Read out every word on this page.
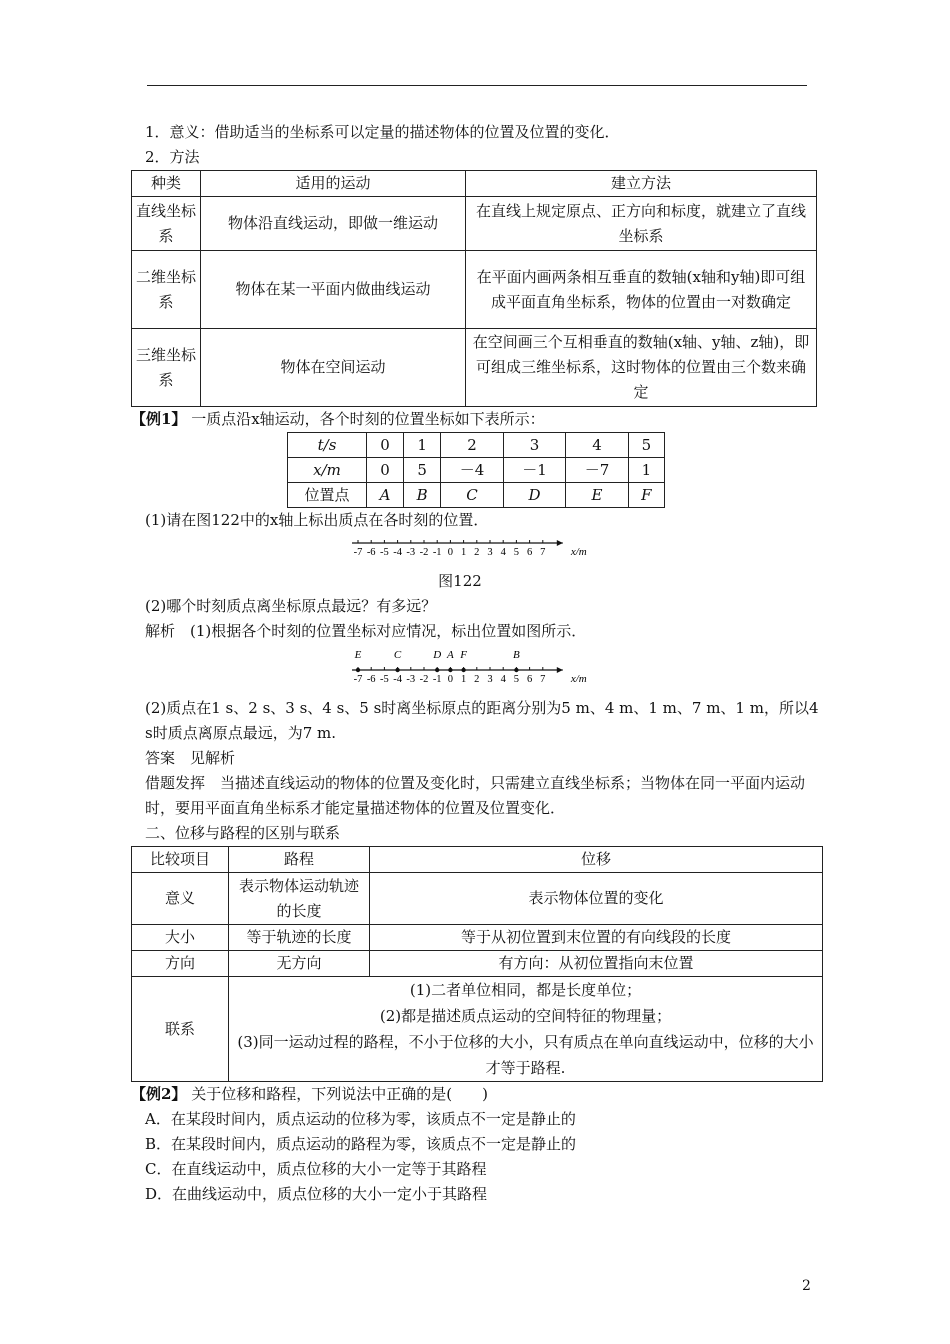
1．意义：借助适当的坐标系可以定量的描述物体的位置及位置的变化．

2．方法

种类	适用的运动	建立方法
直线坐标系	物体沿直线运动，即做一维运动	在直线上规定原点、正方向和标度，就建立了直线坐标系
二维坐标系	物体在某一平面内做曲线运动	在平面内画两条相互垂直的数轴(x轴和y轴)即可组成平面直角坐标系，物体的位置由一对数确定
三维坐标系	物体在空间运动	在空间画三个互相垂直的数轴(x轴、y轴、z轴)，即可组成三维坐标系，这时物体的位置由三个数来确定

【例1】 一质点沿x轴运动，各个时刻的位置坐标如下表所示：

t/s	0	1	2	3	4	5
x/m	0	5	－4	－1	－7	1
位置点	A	B	C	D	E	F

(1)请在图122中的x轴上标出质点在各时刻的位置．

-7 -6 -5 -4 -3 -2 -1 0 1 2 3 4 5 6 7 x/m

图122

(2)哪个时刻质点离坐标原点最远？有多远？

解析　(1)根据各个时刻的位置坐标对应情况，标出位置如图所示．

-7 -6 -5 -4 -3 -2 -1 0 1 2 3 4 5 6 7 x/m
E	C	D A F	B

(2)质点在1 s、2 s、3 s、4 s、5 s时离坐标原点的距离分别为5 m、4 m、1 m、7 m、1 m，所以4 s时质点离原点最远，为7 m.

答案　见解析

借题发挥　当描述直线运动的物体的位置及变化时，只需建立直线坐标系；当物体在同一平面内运动时，要用平面直角坐标系才能定量描述物体的位置及位置变化．

二、位移与路程的区别与联系

比较项目	路程	位移
意义	表示物体运动轨迹的长度	表示物体位置的变化
大小	等于轨迹的长度	等于从初位置到末位置的有向线段的长度
方向	无方向	有方向：从初位置指向末位置
联系	(1)二者单位相同，都是长度单位；
(2)都是描述质点运动的空间特征的物理量；
(3)同一运动过程的路程，不小于位移的大小，只有质点在单向直线运动中，位移的大小才等于路程.	

【例2】 关于位移和路程，下列说法中正确的是(　　)

A．在某段时间内，质点运动的位移为零，该质点不一定是静止的

B．在某段时间内，质点运动的路程为零，该质点不一定是静止的

C．在直线运动中，质点位移的大小一定等于其路程

D．在曲线运动中，质点位移的大小一定小于其路程

2
